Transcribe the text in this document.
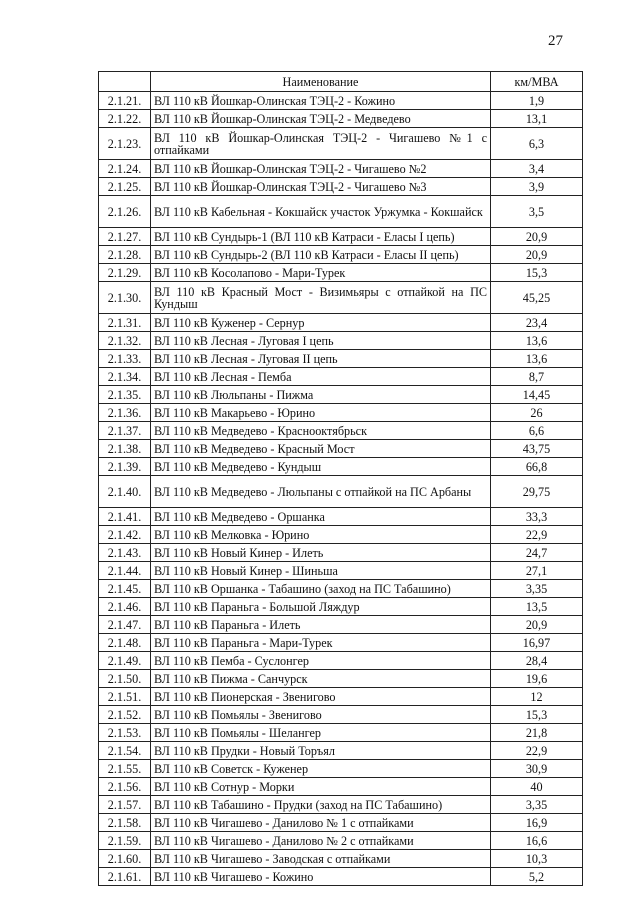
27
	Наименование	км/МВА
2.1.21.	ВЛ 110 кВ Йошкар-Олинская ТЭЦ-2 - Кожино	1,9
2.1.22.	ВЛ 110 кВ Йошкар-Олинская ТЭЦ-2 - Медведево	13,1
2.1.23.	ВЛ 110 кВ Йошкар-Олинская ТЭЦ-2 - Чигашево №1 с отпайками	6,3
2.1.24.	ВЛ 110 кВ Йошкар-Олинская ТЭЦ-2 - Чигашево №2	3,4
2.1.25.	ВЛ 110 кВ Йошкар-Олинская ТЭЦ-2 - Чигашево №3	3,9
2.1.26.	ВЛ 110 кВ Кабельная - Кокшайск участок Уржумка - Кокшайск	3,5
2.1.27.	ВЛ 110 кВ Сундырь-1 (ВЛ 110 кВ Катраси - Еласы I цепь)	20,9
2.1.28.	ВЛ 110 кВ Сундырь-2 (ВЛ 110 кВ Катраси - Еласы II цепь)	20,9
2.1.29.	ВЛ 110 кВ Косолапово - Мари-Турек	15,3
2.1.30.	ВЛ 110 кВ Красный Мост - Визимьяры с отпайкой на ПС Кундыш	45,25
2.1.31.	ВЛ 110 кВ Куженер - Сернур	23,4
2.1.32.	ВЛ 110 кВ Лесная - Луговая I цепь	13,6
2.1.33.	ВЛ 110 кВ Лесная - Луговая II цепь	13,6
2.1.34.	ВЛ 110 кВ Лесная - Пемба	8,7
2.1.35.	ВЛ 110 кВ Люльпаны - Пижма	14,45
2.1.36.	ВЛ 110 кВ Макарьево - Юрино	26
2.1.37.	ВЛ 110 кВ Медведево - Краснооктябрьск	6,6
2.1.38.	ВЛ 110 кВ Медведево - Красный Мост	43,75
2.1.39.	ВЛ 110 кВ Медведево - Кундыш	66,8
2.1.40.	ВЛ 110 кВ Медведево - Люльпаны с отпайкой на ПС Арбаны	29,75
2.1.41.	ВЛ 110 кВ Медведево - Оршанка	33,3
2.1.42.	ВЛ 110 кВ Мелковка - Юрино	22,9
2.1.43.	ВЛ 110 кВ Новый Кинер - Илеть	24,7
2.1.44.	ВЛ 110 кВ Новый Кинер - Шиньша	27,1
2.1.45.	ВЛ 110 кВ Оршанка - Табашино (заход на ПС Табашино)	3,35
2.1.46.	ВЛ 110 кВ Параньга - Большой Ляждур	13,5
2.1.47.	ВЛ 110 кВ Параньга - Илеть	20,9
2.1.48.	ВЛ 110 кВ Параньга - Мари-Турек	16,97
2.1.49.	ВЛ 110 кВ Пемба - Суслонгер	28,4
2.1.50.	ВЛ 110 кВ Пижма - Санчурск	19,6
2.1.51.	ВЛ 110 кВ Пионерская - Звенигово	12
2.1.52.	ВЛ 110 кВ Помьялы - Звенигово	15,3
2.1.53.	ВЛ 110 кВ Помьялы - Шелангер	21,8
2.1.54.	ВЛ 110 кВ Прудки - Новый Торъял	22,9
2.1.55.	ВЛ 110 кВ Советск - Куженер	30,9
2.1.56.	ВЛ 110 кВ Сотнур - Морки	40
2.1.57.	ВЛ 110 кВ Табашино - Прудки (заход на ПС Табашино)	3,35
2.1.58.	ВЛ 110 кВ Чигашево - Данилово № 1 с отпайками	16,9
2.1.59.	ВЛ 110 кВ Чигашево - Данилово № 2 с отпайками	16,6
2.1.60.	ВЛ 110 кВ Чигашево - Заводская с отпайками	10,3
2.1.61.	ВЛ 110 кВ Чигашево - Кожино	5,2
